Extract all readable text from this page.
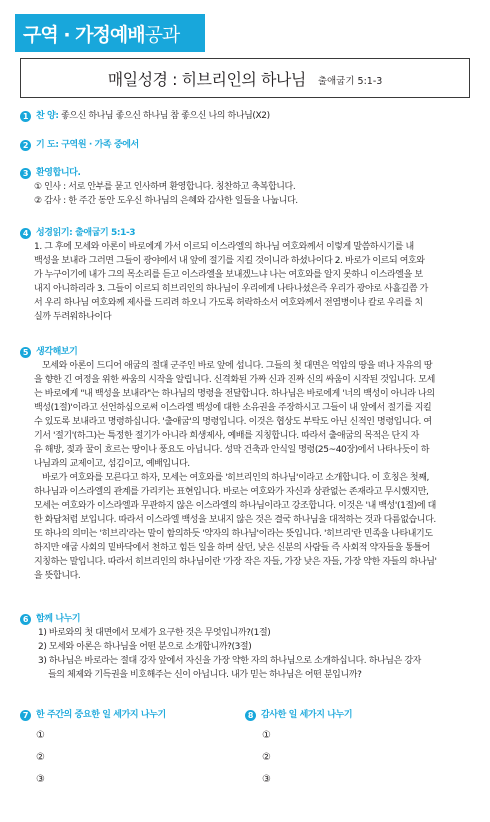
구역 · 가정예배 공과
매일성경 : 히브리인의 하나님 출애굽기 5:1-3
1 찬 양: 좋으신 하나님 좋으신 하나님 참 좋으신 나의 하나님(X2)
2 기 도: 구역원 · 가족 중에서
3 환영합니다.
① 인사 : 서로 안부를 묻고 인사하며 환영합니다. 칭찬하고 축복합니다.
② 감사 : 한 주간 동안 도우신 하나님의 은혜와 감사한 일들을 나눕니다.
4 성경읽기: 출애굽기 5:1-3
1. 그 후에 모세와 아론이 바로에게 가서 이르되 이스라엘의 하나님 여호와께서 이렇게 말씀하시기를 내
백성을 보내라 그러면 그들이 광야에서 내 앞에 절기를 지킬 것이니라 하셨나이다 2. 바로가 이르되 여호와
가 누구이기에 내가 그의 목소리를 듣고 이스라엘을 보내겠느냐 나는 여호와를 알지 못하니 이스라엘을 보
내지 아니하리라 3. 그들이 이르되 히브리인의 하나님이 우리에게 나타나셨은즉 우리가 광야로 사흘길쯤 가
서 우리 하나님 여호와께 제사를 드리려 하오니 가도록 허락하소서 여호와께서 전염병이나 칼로 우리를 치
실까 두려워하나이다
5 생각해보기
모세와 아론이 드디어 애굽의 절대 군주인 바로 앞에 섭니다. 그들의 첫 대면은 억압의 땅을 떠나 자유의 땅
을 향한 긴 여정을 위한 싸움의 시작을 알립니다. 신격화된 가짜 신과 진짜 신의 싸움이 시작된 것입니다. 모세
는 바로에게 "내 백성을 보내라"는 하나님의 명령을 전달합니다. 하나님은 바로에게 '너의 백성이 아니라 나의
백성(1절)'이라고 선언하심으로써 이스라엘 백성에 대한 소유권을 주장하시고 그들이 내 앞에서 절기를 지킬
수 있도록 보내라고 명령하십니다. '출애굽'의 명령입니다. 이것은 협상도 부탁도 아닌 신적인 명령입니다. 여
기서 '절기'(하그)는 특정한 절기가 아니라 희생제사, 예배를 지칭합니다. 따라서 출애굽의 목적은 단지 자
유 해방, 젖과 꿀이 흐르는 땅이나 풍요도 아닙니다. 성막 건축과 안식일 명령(25~40장)에서 나타나듯이 하
나님과의 교제이고, 섬김이고, 예배입니다.
바로가 여호와를 모른다고 하자, 모세는 여호와를 '히브리인의 하나님'이라고 소개합니다. 이 호칭은 첫째,
하나님과 이스라엘의 관계를 가리키는 표현입니다. 바로는 여호와가 자신과 상관없는 존재라고 무시했지만,
모세는 여호와가 이스라엘과 무관하지 않은 이스라엘의 하나님이라고 강조합니다. 이것은 '내 백성'(1절)에 대
한 화답처럼 보입니다. 따라서 이스라엘 백성을 보내지 않은 것은 결국 하나님을 대적하는 것과 다름없습니다.
또 하나의 의미는 '히브리'라는 말이 함의하듯 '약자의 하나님'이라는 뜻입니다. '히브리'란 민족을 나타내기도
하지만 애굽 사회의 밑바닥에서 천하고 힘든 일을 하며 살던, 낮은 신분의 사람들 즉 사회적 약자들을 통틀어
지칭하는 말입니다. 따라서 히브리인의 하나님이란 '가장 작은 자들, 가장 낮은 자들, 가장 약한 자들의 하나님'
을 뜻합니다.
6 함께 나누기
1) 바로와의 첫 대면에서 모세가 요구한 것은 무엇입니까?(1절)
2) 모세와 아론은 하나님을 어떤 분으로 소개합니까?(3절)
3) 하나님은 바로라는 절대 강자 앞에서 자신을 가장 약한 자의 하나님으로 소개하십니다. 하나님은 강자
들의 체제와 기득권을 비호해주는 신이 아닙니다. 내가 믿는 하나님은 어떤 분입니까?
7 한 주간의 중요한 일 세가지 나누기
①
②
③
8 감사한 일 세가지 나누기
①
②
③
